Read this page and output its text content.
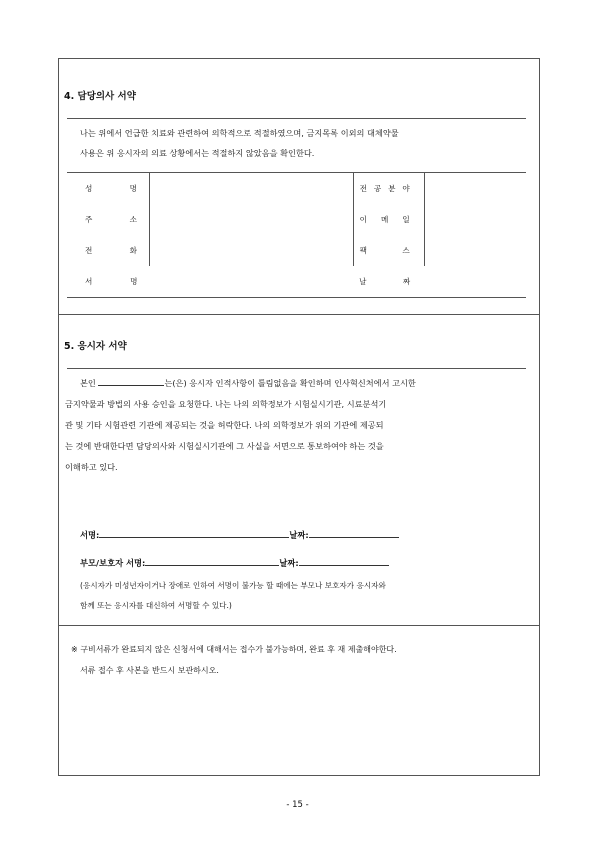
4. 담당의사 서약
나는 위에서 언급한 치료와 관련하여 의학적으로 적절하였으며, 금지목록 이외의 대체약물
사용은 위 응시자의 의료 상황에서는 적절하지 않았음을 확인한다.
성 명		전 공 분 야	

주 소		이 메 일	

전 화		팩 스	

서 명		날 짜	

5. 응시자 서약
본인	는(은) 응시자 인적사항이 틀림없음을 확인하며 인사혁신처에서 고시한
금지약물과 방법의 사용 승인을 요청한다. 나는 나의 의학정보가 시험실시기관, 시료분석기
관 및 기타 시험관련 기관에 제공되는 것을 허락한다. 나의 의학정보가 위의 기관에 제공되
는 것에 반대한다면 담당의사와 시험실시기관에 그 사실을 서면으로 통보하여야 하는 것을
이해하고 있다.
서명:	날짜:
부모/보호자 서명:	날짜:
(응시자가 미성년자이거나 장애로 인하여 서명이 불가능 할 때에는 부모나 보호자가 응시자와
함께 또는 응시자를 대신하여 서명할 수 있다.)
※ 구비서류가 완료되지 않은 신청서에 대해서는 접수가 불가능하며, 완료 후 재 제출해야한다.
서류 접수 후 사본을 반드시 보관하시오.
- 15 -
